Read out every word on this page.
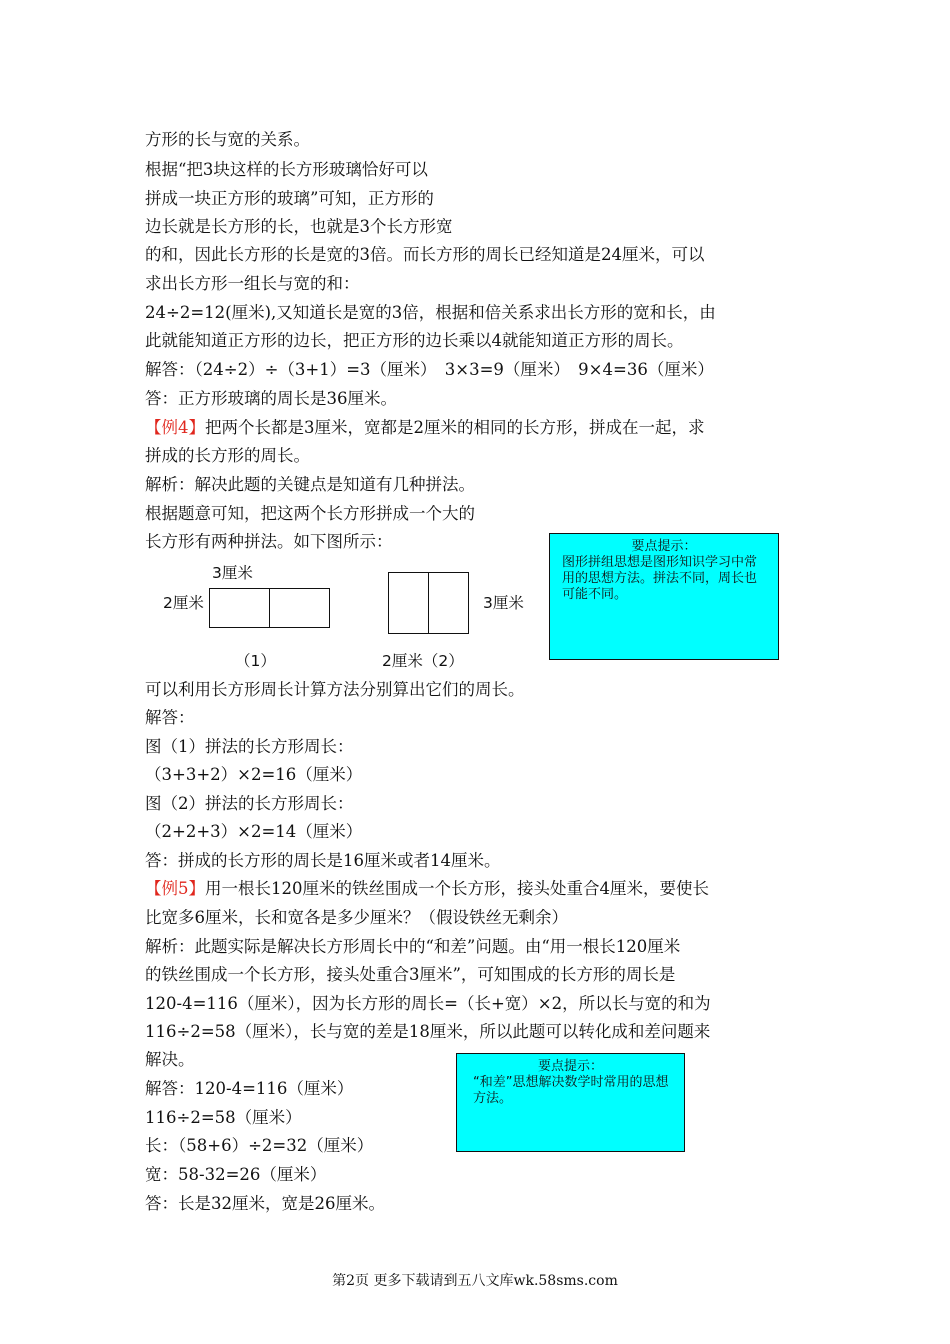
方形的长与宽的关系。
根据“把3块这样的长方形玻璃恰好可以
拼成一块正方形的玻璃”可知，正方形的
边长就是长方形的长，也就是3个长方形宽
的和，因此长方形的长是宽的3倍。而长方形的周长已经知道是24厘米，可以
求出长方形一组长与宽的和：
24÷2=12(厘米),又知道长是宽的3倍，根据和倍关系求出长方形的宽和长，由
此就能知道正方形的边长，把正方形的边长乘以4就能知道正方形的周长。
解答：（24÷2）÷（3+1）=3（厘米）　3×3=9（厘米）　9×4=36（厘米）
答：正方形玻璃的周长是36厘米。
【例4】把两个长都是3厘米，宽都是2厘米的相同的长方形，拼成在一起，求
拼成的长方形的周长。
解析：解决此题的关键点是知道有几种拼法。
根据题意可知，把这两个长方形拼成一个大的
长方形有两种拼法。如下图所示：
3厘米
2厘米	3厘米
（1）	2厘米（2）
要点提示：
图形拼组思想是图形知识学习中常用的思想方法。拼法不同，周长也可能不同。
可以利用长方形周长计算方法分别算出它们的周长。
解答：
图（1）拼法的长方形周长：
（3+3+2）×2=16（厘米）
图（2）拼法的长方形周长：
（2+2+3）×2=14（厘米）
答：拼成的长方形的周长是16厘米或者14厘米。
【例5】用一根长120厘米的铁丝围成一个长方形，接头处重合4厘米，要使长
比宽多6厘米，长和宽各是多少厘米？（假设铁丝无剩余）
解析：此题实际是解决长方形周长中的“和差”问题。由“用一根长120厘米
的铁丝围成一个长方形，接头处重合3厘米”，可知围成的长方形的周长是
120-4=116（厘米），因为长方形的周长=（长+宽）×2，所以长与宽的和为
116÷2=58（厘米），长与宽的差是18厘米，所以此题可以转化成和差问题来
解决。
解答：120-4=116（厘米）
116÷2=58（厘米）
长：（58+6）÷2=32（厘米）
宽：58-32=26（厘米）
答：长是32厘米，宽是26厘米。
要点提示：
“和差”思想解决数学时常用的思想方法。
第2页 更多下载请到五八文库wk.58sms.com
